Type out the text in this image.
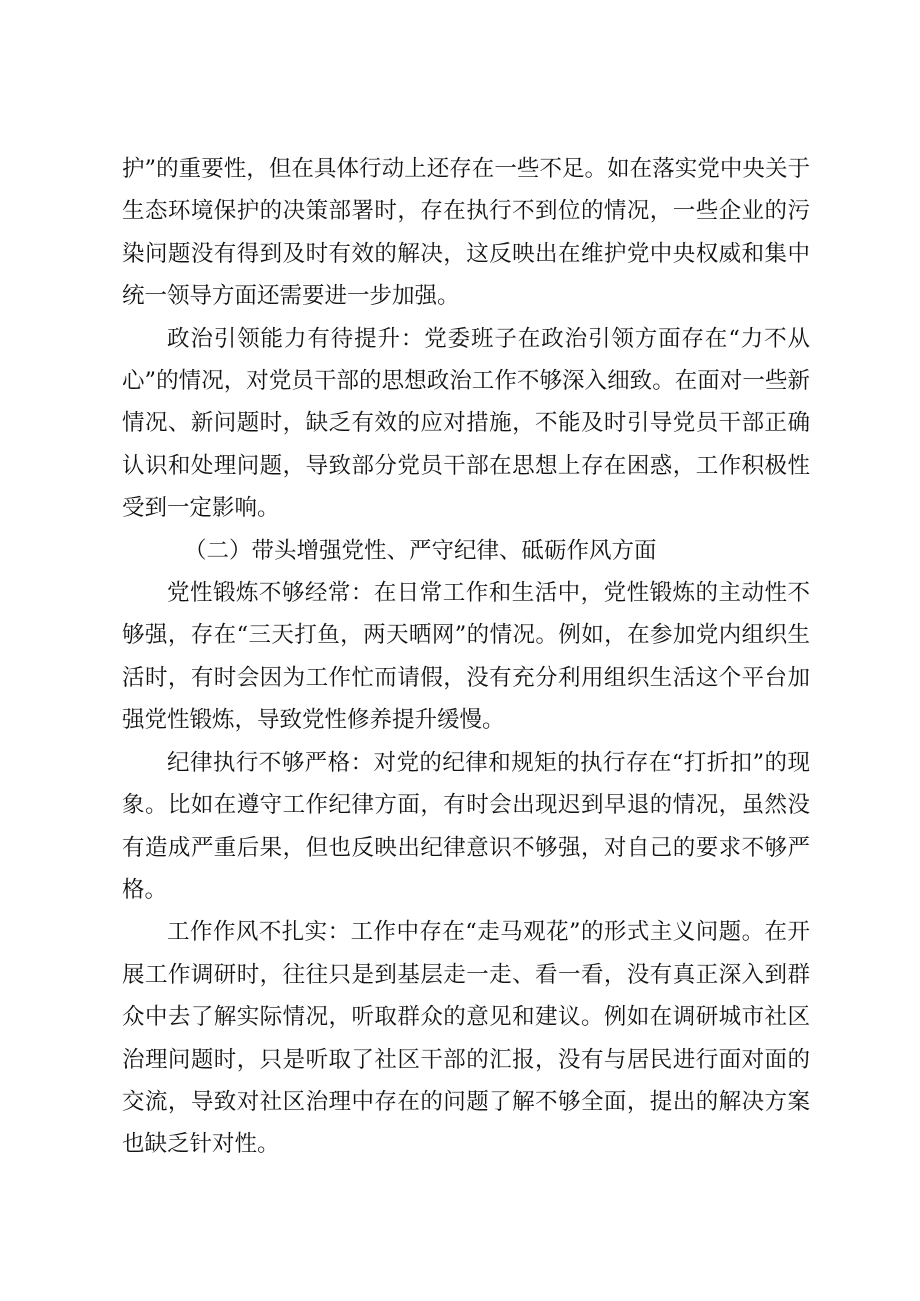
护”的重要性，但在具体行动上还存在一些不足。如在落实党中央关于生态环境保护的决策部署时，存在执行不到位的情况，一些企业的污染问题没有得到及时有效的解决，这反映出在维护党中央权威和集中统一领导方面还需要进一步加强。

政治引领能力有待提升：党委班子在政治引领方面存在“力不从心”的情况，对党员干部的思想政治工作不够深入细致。在面对一些新情况、新问题时，缺乏有效的应对措施，不能及时引导党员干部正确认识和处理问题，导致部分党员干部在思想上存在困惑，工作积极性受到一定影响。

（二）带头增强党性、严守纪律、砥砺作风方面

党性锻炼不够经常：在日常工作和生活中，党性锻炼的主动性不够强，存在“三天打鱼，两天晒网”的情况。例如，在参加党内组织生活时，有时会因为工作忙而请假，没有充分利用组织生活这个平台加强党性锻炼，导致党性修养提升缓慢。

纪律执行不够严格：对党的纪律和规矩的执行存在“打折扣”的现象。比如在遵守工作纪律方面，有时会出现迟到早退的情况，虽然没有造成严重后果，但也反映出纪律意识不够强，对自己的要求不够严格。

工作作风不扎实：工作中存在“走马观花”的形式主义问题。在开展工作调研时，往往只是到基层走一走、看一看，没有真正深入到群众中去了解实际情况，听取群众的意见和建议。例如在调研城市社区治理问题时，只是听取了社区干部的汇报，没有与居民进行面对面的交流，导致对社区治理中存在的问题了解不够全面，提出的解决方案也缺乏针对性。
